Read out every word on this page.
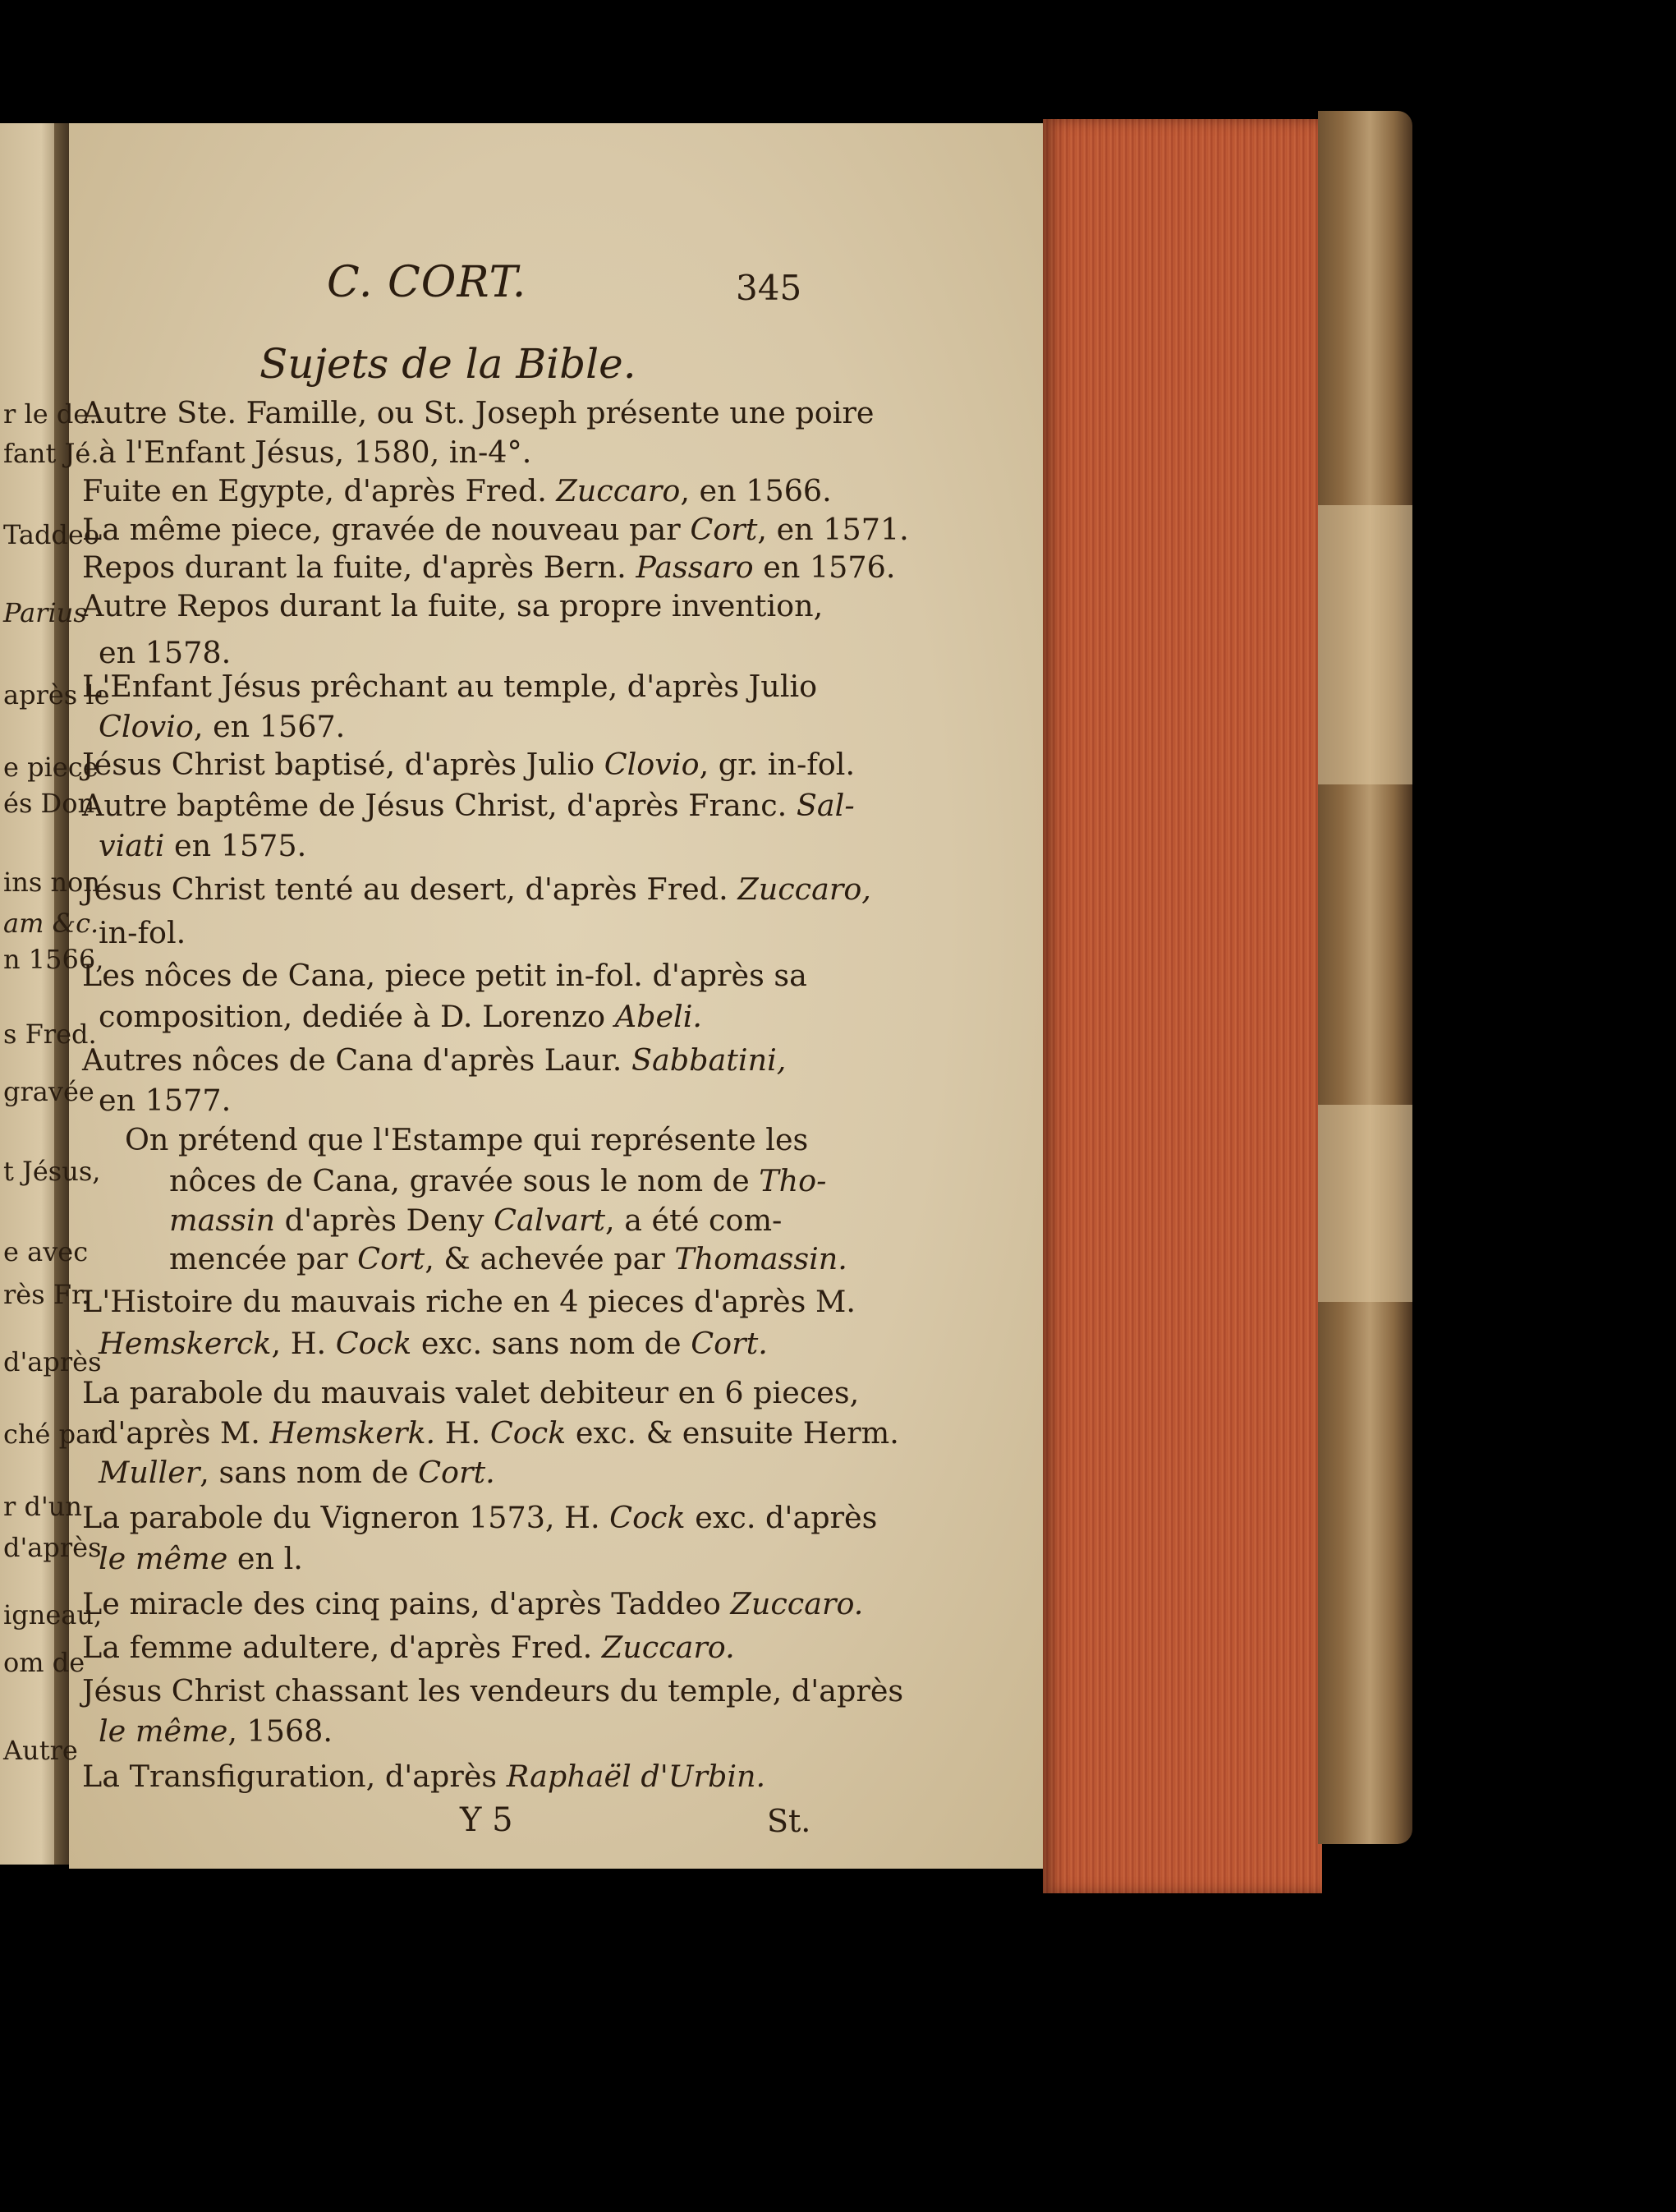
r le de.
fant Jé.
Taddeo
Parius
après le
e piece
és Don
ins non
am &c.
n 1566,
s Fred.
gravée
t Jésus,
e avec
rès Fr.
d'après
ché par
r d'un
d'après
igneau,
om de
Autre
C. CORT.	345
Sujets de la Bible.
Autre Ste. Famille, ou St. Joseph présente une poire
à l'Enfant Jésus, 1580, in-4°.
Fuite en Egypte, d'après Fred. Zuccaro, en 1566.
La même piece, gravée de nouveau par Cort, en 1571.
Repos durant la fuite, d'après Bern. Passaro en 1576.
Autre Repos durant la fuite, sa propre invention,
en 1578.
L'Enfant Jésus prêchant au temple, d'après Julio
Clovio, en 1567.
Jésus Christ baptisé, d'après Julio Clovio, gr. in-fol.
Autre baptême de Jésus Christ, d'après Franc. Sal-
viati en 1575.
Jésus Christ tenté au desert, d'après Fred. Zuccaro,
in-fol.
Les nôces de Cana, piece petit in-fol. d'après sa
composition, dediée à D. Lorenzo Abeli.
Autres nôces de Cana d'après Laur. Sabbatini,
en 1577.
On prétend que l'Estampe qui représente les
nôces de Cana, gravée sous le nom de Tho-
massin d'après Deny Calvart, a été com-
mencée par Cort, & achevée par Thomassin.
L'Histoire du mauvais riche en 4 pieces d'après M.
Hemskerck, H. Cock exc. sans nom de Cort.
La parabole du mauvais valet debiteur en 6 pieces,
d'après M. Hemskerk. H. Cock exc. & ensuite Herm.
Muller, sans nom de Cort.
La parabole du Vigneron 1573, H. Cock exc. d'après
le même en l.
Le miracle des cinq pains, d'après Taddeo Zuccaro.
La femme adultere, d'après Fred. Zuccaro.
Jésus Christ chassant les vendeurs du temple, d'après
le même, 1568.
La Transfiguration, d'après Raphaël d'Urbin.
Y 5	St.
